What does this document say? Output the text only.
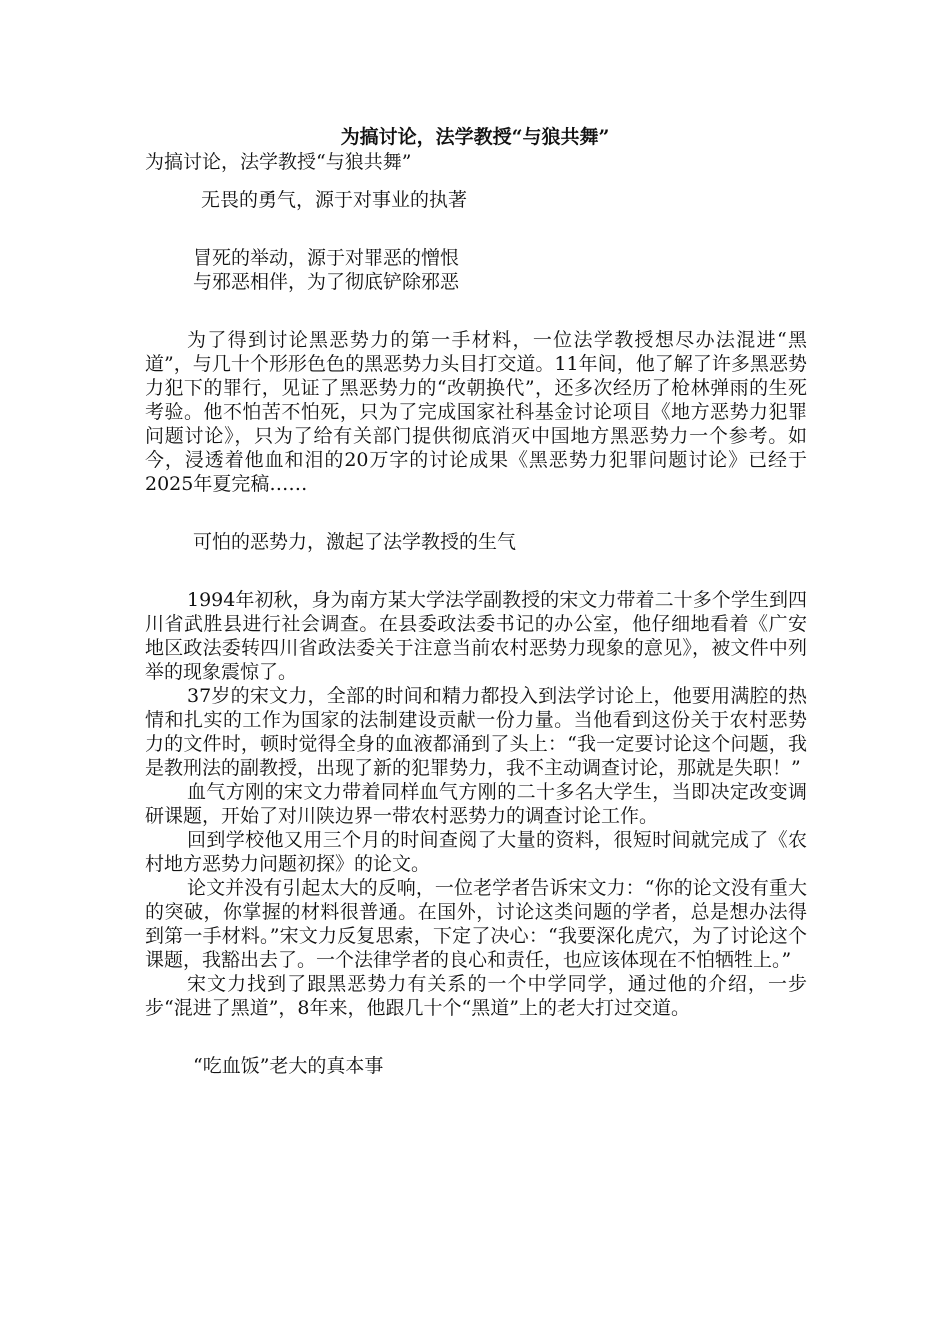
为搞讨论，法学教授“与狼共舞”

为搞讨论，法学教授“与狼共舞”

无畏的勇气，源于对事业的执著

冒死的举动，源于对罪恶的憎恨

与邪恶相伴，为了彻底铲除邪恶

为了得到讨论黑恶势力的第一手材料，一位法学教授想尽办法混进“黑道”，与几十个形形色色的黑恶势力头目打交道。11年间，他了解了许多黑恶势力犯下的罪行，见证了黑恶势力的“改朝换代”，还多次经历了枪林弹雨的生死考验。他不怕苦不怕死，只为了完成国家社科基金讨论项目《地方恶势力犯罪问题讨论》，只为了给有关部门提供彻底消灭中国地方黑恶势力一个参考。如今，浸透着他血和泪的20万字的讨论成果《黑恶势力犯罪问题讨论》已经于2025年夏完稿……

可怕的恶势力，激起了法学教授的生气

1994年初秋，身为南方某大学法学副教授的宋文力带着二十多个学生到四川省武胜县进行社会调查。在县委政法委书记的办公室，他仔细地看着《广安地区政法委转四川省政法委关于注意当前农村恶势力现象的意见》，被文件中列举的现象震惊了。

37岁的宋文力，全部的时间和精力都投入到法学讨论上，他要用满腔的热情和扎实的工作为国家的法制建设贡献一份力量。当他看到这份关于农村恶势力的文件时，顿时觉得全身的血液都涌到了头上：“我一定要讨论这个问题，我是教刑法的副教授，出现了新的犯罪势力，我不主动调查讨论，那就是失职！”

血气方刚的宋文力带着同样血气方刚的二十多名大学生，当即决定改变调研课题，开始了对川陕边界一带农村恶势力的调查讨论工作。

回到学校他又用三个月的时间查阅了大量的资料，很短时间就完成了《农村地方恶势力问题初探》的论文。

论文并没有引起太大的反响，一位老学者告诉宋文力：“你的论文没有重大的突破，你掌握的材料很普通。在国外，讨论这类问题的学者，总是想办法得到第一手材料。”宋文力反复思索，下定了决心：“我要深化虎穴，为了讨论这个课题，我豁出去了。一个法律学者的良心和责任，也应该体现在不怕牺牲上。”

宋文力找到了跟黑恶势力有关系的一个中学同学，通过他的介绍，一步步“混进了黑道”，8年来，他跟几十个“黑道”上的老大打过交道。

“吃血饭”老大的真本事
